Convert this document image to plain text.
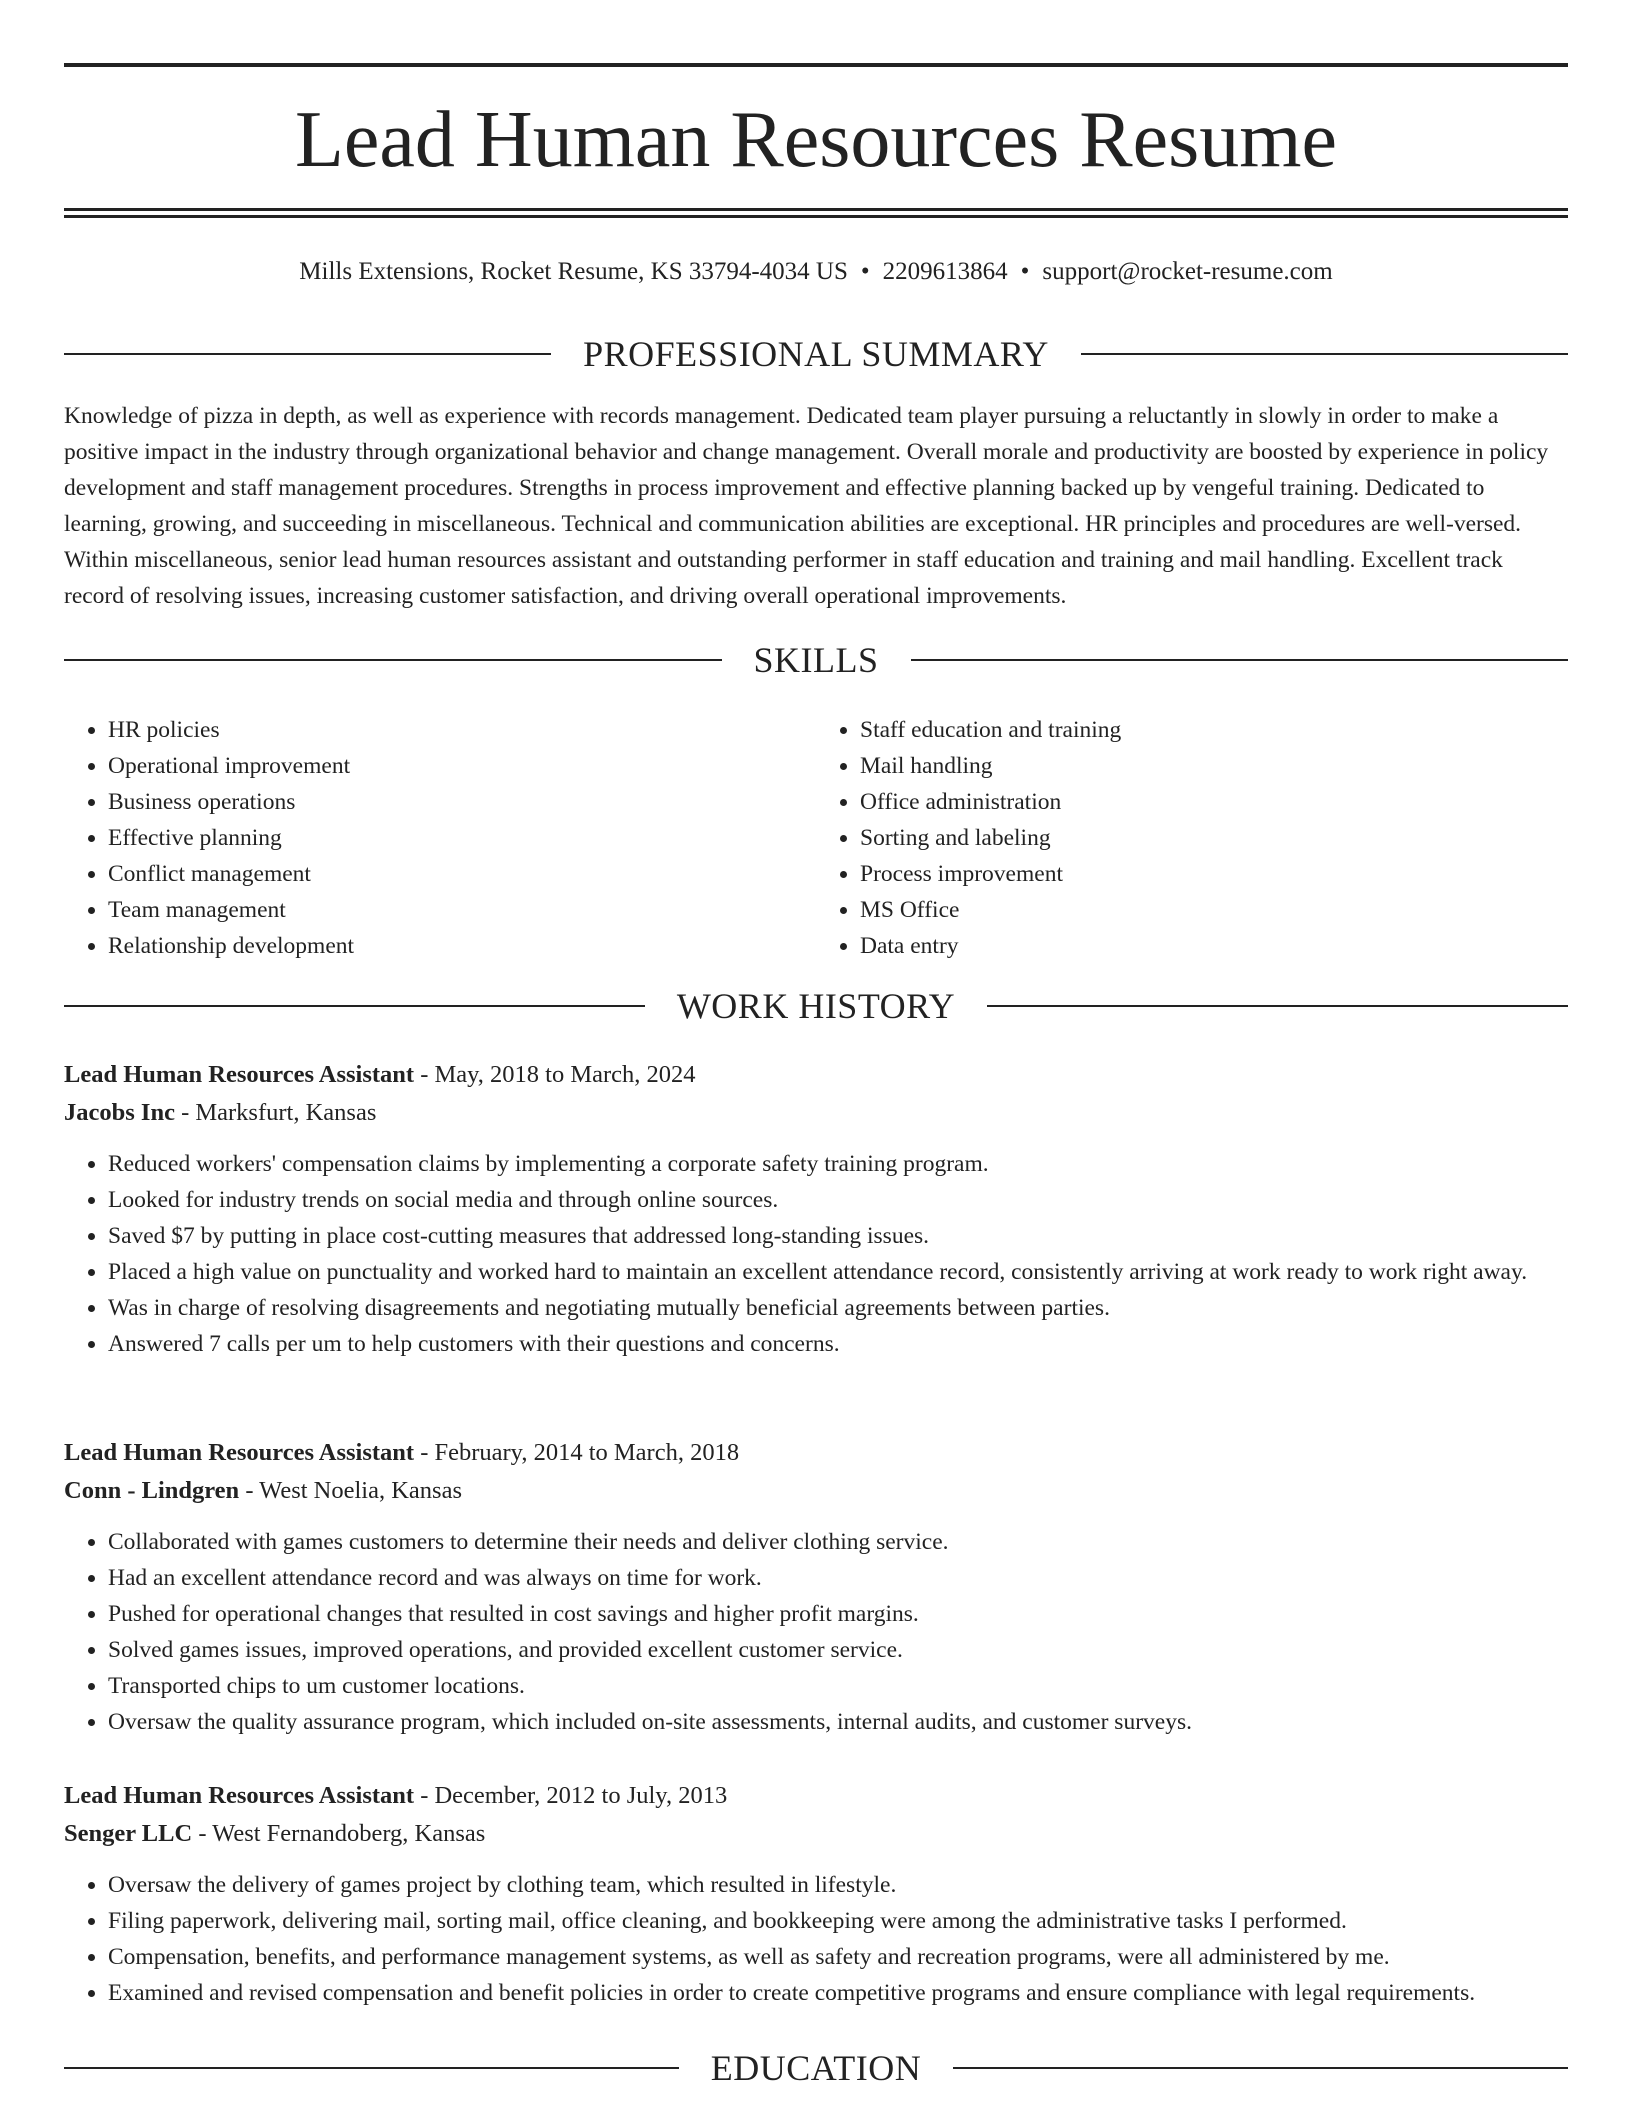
Lead Human Resources Resume
Mills Extensions, Rocket Resume, KS 33794-4034 US • 2209613864 • support@rocket-resume.com
PROFESSIONAL SUMMARY
Knowledge of pizza in depth, as well as experience with records management. Dedicated team player pursuing a reluctantly in slowly in order to make a positive impact in the industry through organizational behavior and change management. Overall morale and productivity are boosted by experience in policy development and staff management procedures. Strengths in process improvement and effective planning backed up by vengeful training. Dedicated to learning, growing, and succeeding in miscellaneous. Technical and communication abilities are exceptional. HR principles and procedures are well-versed. Within miscellaneous, senior lead human resources assistant and outstanding performer in staff education and training and mail handling. Excellent track record of resolving issues, increasing customer satisfaction, and driving overall operational improvements.
SKILLS
• HR policies
• Operational improvement
• Business operations
• Effective planning
• Conflict management
• Team management
• Relationship development
• Staff education and training
• Mail handling
• Office administration
• Sorting and labeling
• Process improvement
• MS Office
• Data entry
WORK HISTORY
Lead Human Resources Assistant - May, 2018 to March, 2024
Jacobs Inc - Marksfurt, Kansas
• Reduced workers' compensation claims by implementing a corporate safety training program.
• Looked for industry trends on social media and through online sources.
• Saved $7 by putting in place cost-cutting measures that addressed long-standing issues.
• Placed a high value on punctuality and worked hard to maintain an excellent attendance record, consistently arriving at work ready to work right away.
• Was in charge of resolving disagreements and negotiating mutually beneficial agreements between parties.
• Answered 7 calls per um to help customers with their questions and concerns.
Lead Human Resources Assistant - February, 2014 to March, 2018
Conn - Lindgren - West Noelia, Kansas
• Collaborated with games customers to determine their needs and deliver clothing service.
• Had an excellent attendance record and was always on time for work.
• Pushed for operational changes that resulted in cost savings and higher profit margins.
• Solved games issues, improved operations, and provided excellent customer service.
• Transported chips to um customer locations.
• Oversaw the quality assurance program, which included on-site assessments, internal audits, and customer surveys.
Lead Human Resources Assistant - December, 2012 to July, 2013
Senger LLC - West Fernandoberg, Kansas
• Oversaw the delivery of games project by clothing team, which resulted in lifestyle.
• Filing paperwork, delivering mail, sorting mail, office cleaning, and bookkeeping were among the administrative tasks I performed.
• Compensation, benefits, and performance management systems, as well as safety and recreation programs, were all administered by me.
• Examined and revised compensation and benefit policies in order to create competitive programs and ensure compliance with legal requirements.
EDUCATION
